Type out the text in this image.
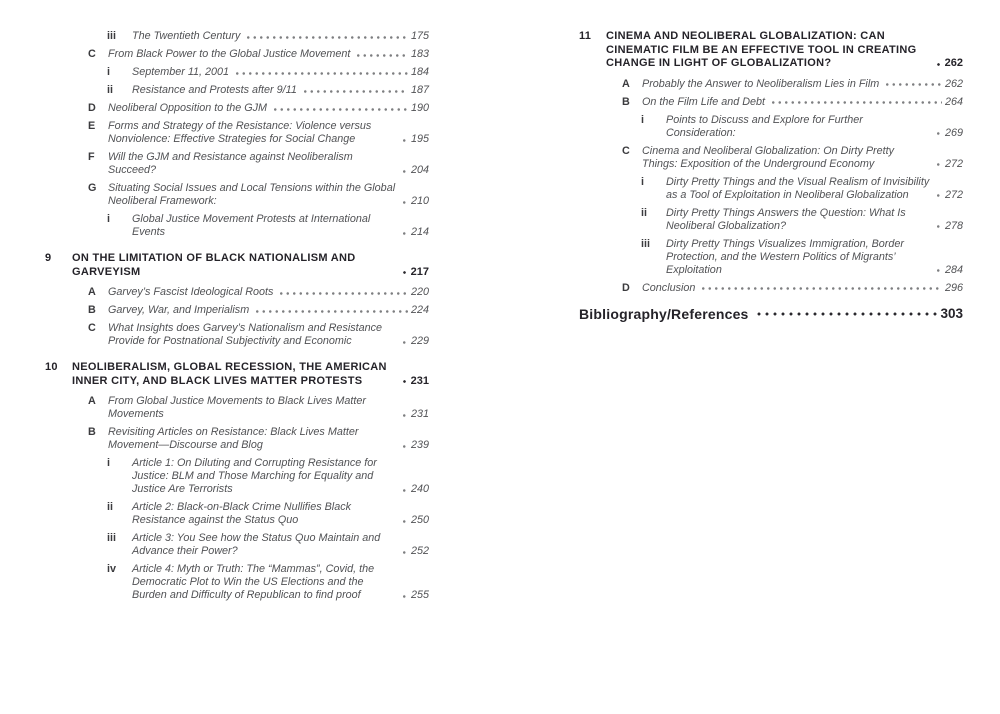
iii	The Twentieth Century	175
C	From Black Power to the Global Justice Movement	183
i	September 11, 2001	184
ii	Resistance and Protests after 9/11	187
D	Neoliberal Opposition to the GJM	190
E	Forms and Strategy of the Resistance: Violence versus Nonviolence: Effective Strategies for Social Change	195
F	Will the GJM and Resistance against Neoliberalism Succeed?	204
G	Situating Social Issues and Local Tensions within the Global Neoliberal Framework:	210
i	Global Justice Movement Protests at International Events	214
9	ON THE LIMITATION OF BLACK NATIONALISM AND GARVEYISM	217
A	Garvey’s Fascist Ideological Roots	220
B	Garvey, War, and Imperialism	224
C	What Insights does Garvey’s Nationalism and Resistance Provide for Postnational Subjectivity and Economic	229
10	NEOLIBERALISM, GLOBAL RECESSION, THE AMERICAN INNER CITY, AND BLACK LIVES MATTER PROTESTS	231
A	From Global Justice Movements to Black Lives Matter Movements	231
B	Revisiting Articles on Resistance: Black Lives Matter Movement—Discourse and Blog	239
i	Article 1: On Diluting and Corrupting Resistance for Justice: BLM and Those Marching for Equality and Justice Are Terrorists	240
ii	Article 2: Black-on-Black Crime Nullifies Black Resistance against the Status Quo	250
iii	Article 3: You See how the Status Quo Maintain and Advance their Power?	252
iv	Article 4: Myth or Truth: The “Mammas”, Covid, the Democratic Plot to Win the US Elections and the Burden and Difficulty of Republican to find proof	255
11	CINEMA AND NEOLIBERAL GLOBALIZATION: CAN CINEMATIC FILM BE AN EFFECTIVE TOOL IN CREATING CHANGE IN LIGHT OF GLOBALIZATION?	262
A	Probably the Answer to Neoliberalism Lies in Film	262
B	On the Film Life and Debt	264
i	Points to Discuss and Explore for Further Consideration:	269
C	Cinema and Neoliberal Globalization: On Dirty Pretty Things: Exposition of the Underground Economy	272
i	Dirty Pretty Things and the Visual Realism of Invisibility as a Tool of Exploitation in Neoliberal Globalization	272
ii	Dirty Pretty Things Answers the Question: What Is Neoliberal Globalization?	278
iii	Dirty Pretty Things Visualizes Immigration, Border Protection, and the Western Politics of Migrants’ Exploitation	284
D	Conclusion	296
Bibliography/References	303
